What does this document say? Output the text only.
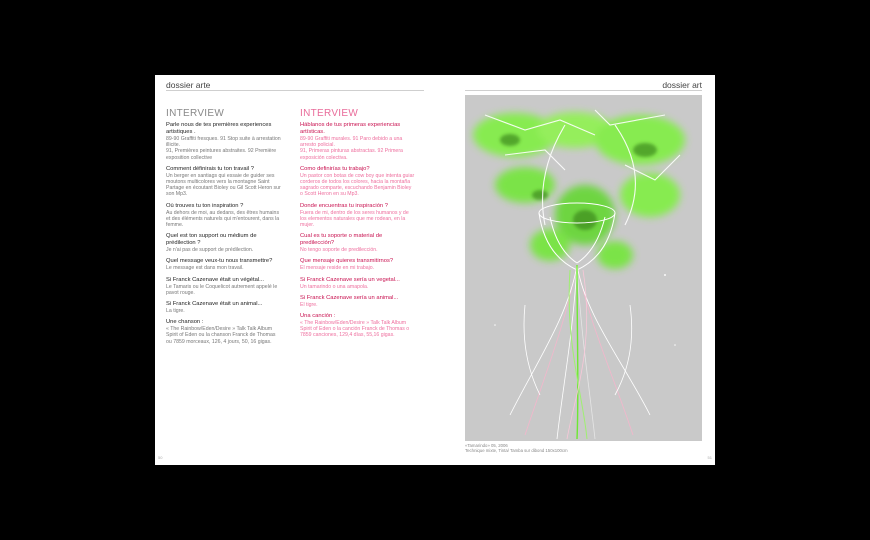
dossier arte
INTERVIEW

Parle nous de tes premières experiences artistiques .

89-90 Graffiti fresques. 91 Stop suite à arrestation illicite.
91, Premières peintures abstraites. 92 Première exposition collective

Comment définirais tu ton travail ?

Un berger en santiags qui essaie de guider ses moutons multicolores vers la montagne Saint Partage en écoutant Bioley ou Gil Scott Heron sur son Mp3.

Où trouves tu ton inspiration ?

Au dehors de moi, au dedans, des êtres humains et des éléments naturels qui m'entourent, dans la femme.

Quel est ton support ou médium de prédilection ?

Je n'ai pas de support de prédilection.

Quel message veux-tu nous transmettre?

Le message est dans mon travail.

Si Franck Cazenave était un végétal...

Le Tamaris ou le Coquelicot autrement appelé le pavot rouge.

Si Franck Cazenave était un animal...

La tigre.

Une chanson :

« The Rainbow/Eden/Desire » Talk Talk Album Spirit of Eden ou la chanson Franck de Thomas ou 7859 morceaux, 126, 4 jours, 50, 16 gigas.

INTERVIEW

Háblanos de tus primeras experiencias artísticas.

89-90 Graffiti murales. 91 Paro debido a una arresto policial.
91, Primeras pinturas abstractas. 92 Primera exposición colectiva.

Como definirías tu trabajo?

Un pastor con botas de cow boy que intenta guiar corderos de todos los colores, hacia la montaña sagrado comparte, escuchando Benjamin Bioley o Scott Heron en su Mp3.

Donde encuentras tu inspiración ?

Fuera de mi, dentro de los seres humanos y de los elementos naturales que me rodean, en la mujer.

Cual es tu soporte o material de predilección?

No tengo soporte de predilección.

Que mensaje quieres transmitirnos?

El mensaje reside en mi trabajo.

Si Franck Cazenave sería un vegetal...

Un tamarindo o una amapola.

Si Franck Cazenave sería un animal...

El tigre.

Una canción :

« The Rainbow/Eden/Desire » Talk Talk Album Spirit of Eden o la canción Franck de Thomas o 7859 canciones, 129,4 días, 55,16 gigas.

50
dossier art
«Tamarindo» 05, 2006
Technique mixte, Tinta/ Tamba sur dibond 150x100cm
51
